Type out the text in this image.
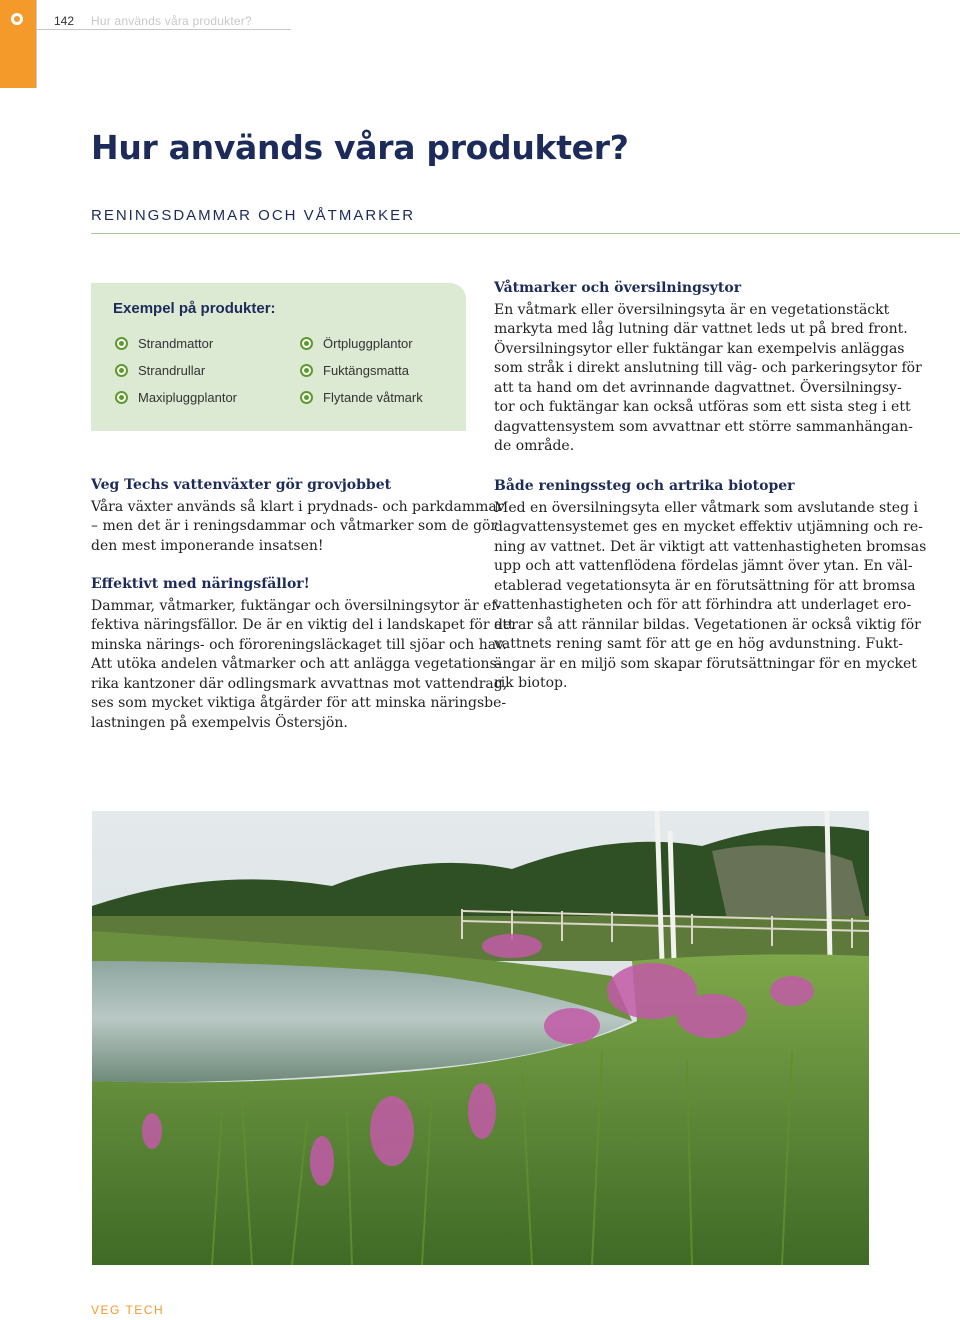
142 Hur används våra produkter?
Hur används våra produkter?
RENINGSDAMMAR OCH VÅTMARKER
Exempel på produkter:
Strandmattor
Strandrullar
Maxipluggplantor
Örtpluggplantor
Fuktängsmatta
Flytande våtmark
Veg Techs vattenväxter gör grovjobbet

Våra växter används så klart i prydnads- och parkdammar
– men det är i reningsdammar och våtmarker som de gör
den mest imponerande insatsen!

Effektivt med näringsfällor!

Dammar, våtmarker, fuktängar och översilningsytor är ef-
fektiva näringsfällor. De är en viktig del i landskapet för att
minska närings- och föroreningsläckaget till sjöar och hav.
Att utöka andelen våtmarker och att anlägga vegetations-
rika kantzoner där odlingsmark avvattnas mot vattendrag,
ses som mycket viktiga åtgärder för att minska näringsbe-
lastningen på exempelvis Östersjön.

Våtmarker och översilningsytor

En våtmark eller översilningsyta är en vegetationstäckt
markyta med låg lutning där vattnet leds ut på bred front.
Översilningsytor eller fuktängar kan exempelvis anläggas
som stråk i direkt anslutning till väg- och parkeringsytor för
att ta hand om det avrinnande dagvattnet. Översilningsy-
tor och fuktängar kan också utföras som ett sista steg i ett
dagvattensystem som avvattnar ett större sammanhängan-
de område.

Både reningssteg och artrika biotoper

Med en översilningsyta eller våtmark som avslutande steg i
dagvattensystemet ges en mycket effektiv utjämning och re-
ning av vattnet. Det är viktigt att vattenhastigheten bromsas
upp och att vattenflödena fördelas jämnt över ytan. En väl-
etablerad vegetationsyta är en förutsättning för att bromsa
vattenhastigheten och för att förhindra att underlaget ero-
derar så att rännilar bildas. Vegetationen är också viktig för
vattnets rening samt för att ge en hög avdunstning. Fukt-
ängar är en miljö som skapar förutsättningar för en mycket
rik biotop.

VEG TECH
